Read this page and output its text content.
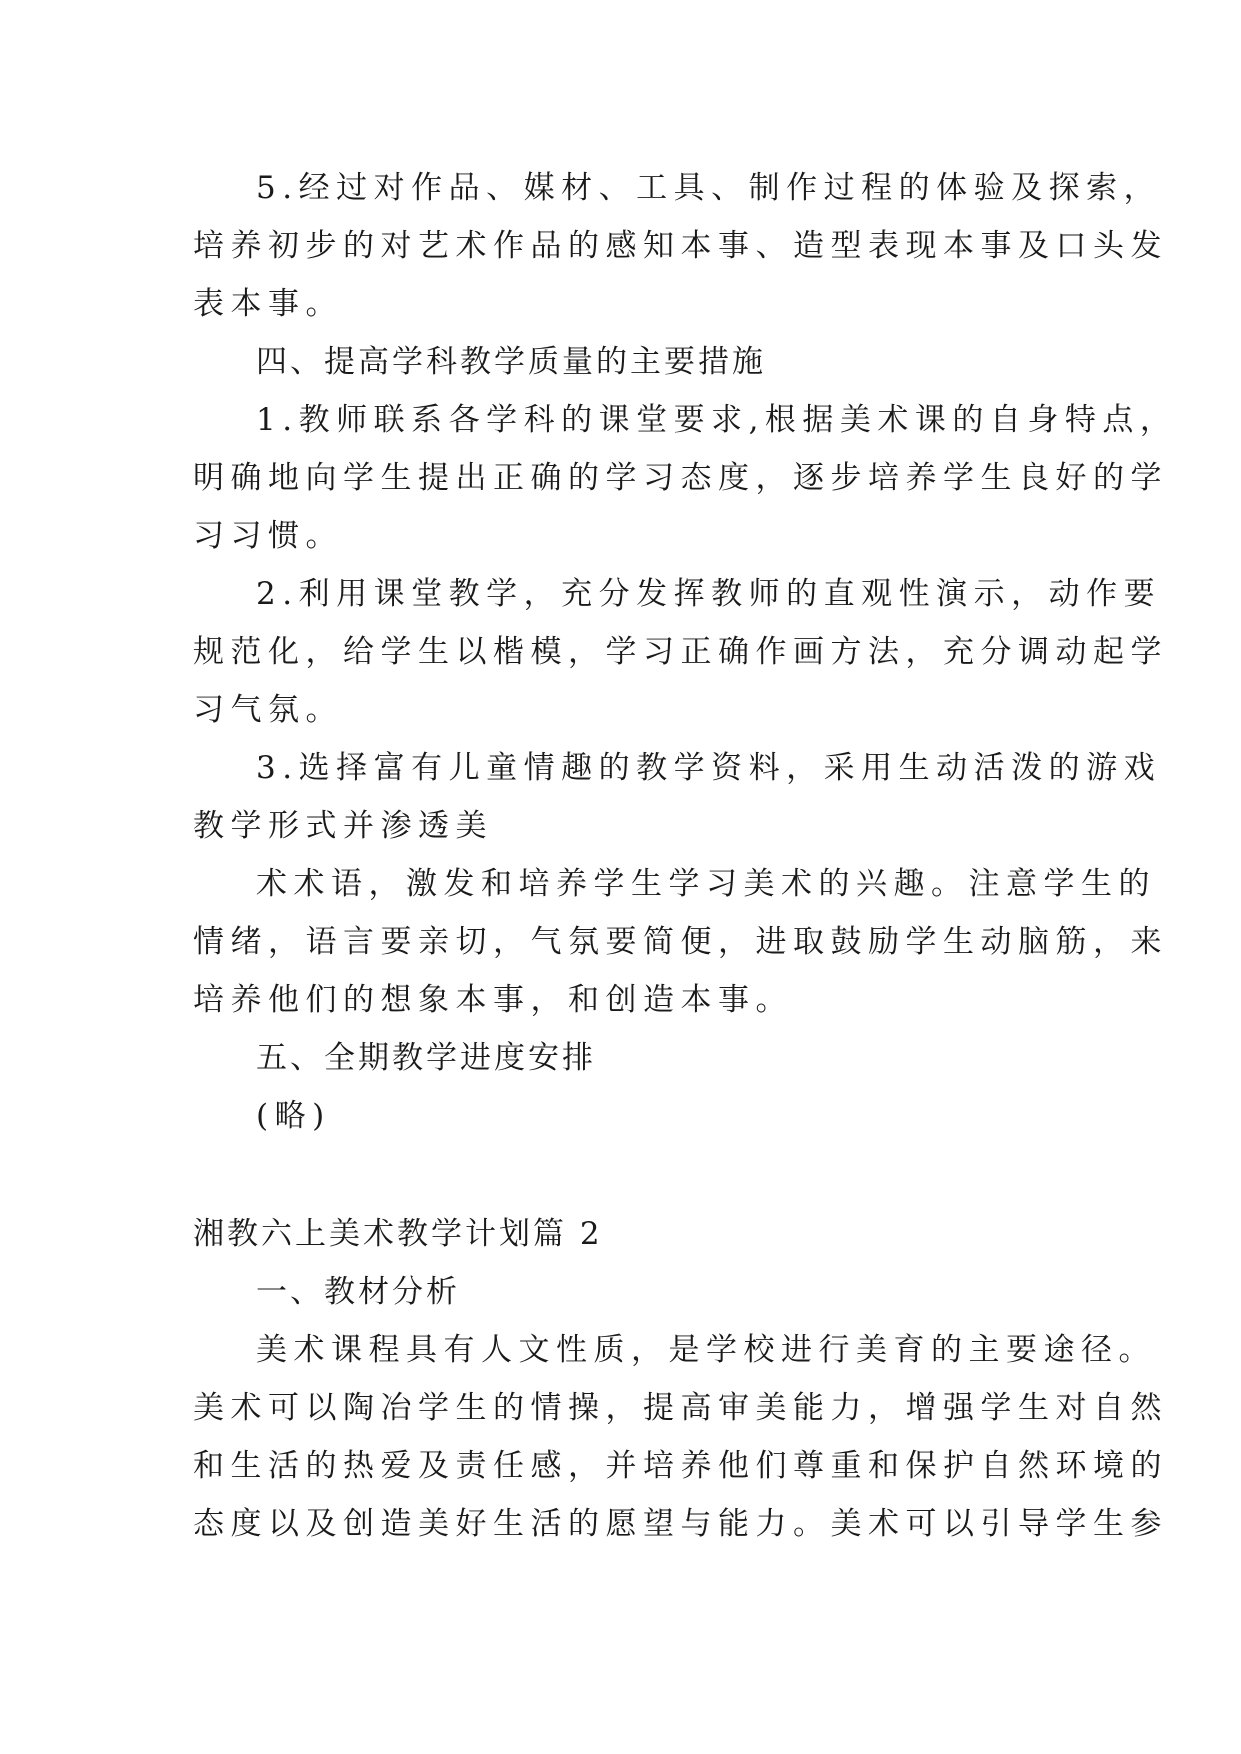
5.经过对作品、媒材、工具、制作过程的体验及探索，
培养初步的对艺术作品的感知本事、造型表现本事及口头发
表本事。
四、提高学科教学质量的主要措施
1.教师联系各学科的课堂要求,根据美术课的自身特点，
明确地向学生提出正确的学习态度，逐步培养学生良好的学
习习惯。
2.利用课堂教学，充分发挥教师的直观性演示，动作要
规范化，给学生以楷模，学习正确作画方法，充分调动起学
习气氛。
3.选择富有儿童情趣的教学资料，采用生动活泼的游戏
教学形式并渗透美
术术语，激发和培养学生学习美术的兴趣。注意学生的
情绪，语言要亲切，气氛要简便，进取鼓励学生动脑筋，来
培养他们的想象本事，和创造本事。
五、全期教学进度安排
(略)
湘教六上美术教学计划篇 2
一、教材分析
美术课程具有人文性质，是学校进行美育的主要途径。
美术可以陶冶学生的情操，提高审美能力，增强学生对自然
和生活的热爱及责任感，并培养他们尊重和保护自然环境的
态度以及创造美好生活的愿望与能力。美术可以引导学生参
